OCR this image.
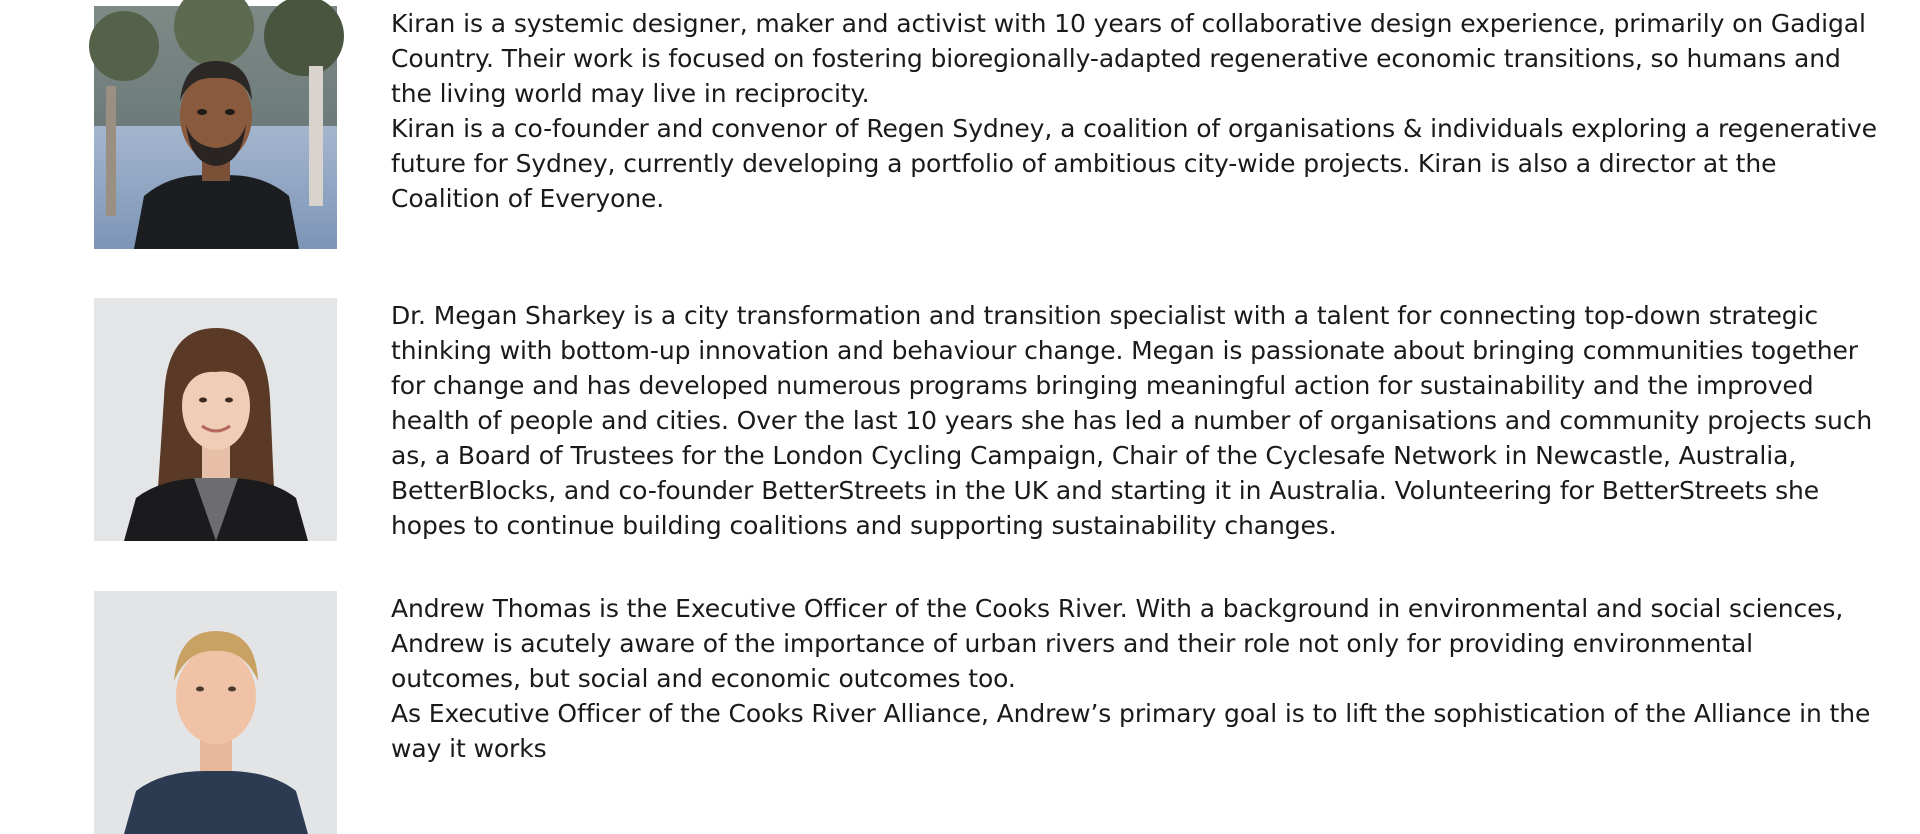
Kiran is a systemic designer, maker and activist with 10 years of collaborative design experience, primarily on Gadigal Country. Their work is focused on fostering bioregionally-adapted regenerative economic transitions, so humans and the living world may live in reciprocity.

Kiran is a co-founder and convenor of Regen Sydney, a coalition of organisations & individuals exploring a regenerative future for Sydney, currently developing a portfolio of ambitious city-wide projects. Kiran is also a director at the Coalition of Everyone.

Dr. Megan Sharkey is a city transformation and transition specialist with a talent for connecting top-down strategic thinking with bottom-up innovation and behaviour change. Megan is passionate about bringing communities together for change and has developed numerous programs bringing meaningful action for sustainability and the improved health of people and cities. Over the last 10 years she has led a number of organisations and community projects such as, a Board of Trustees for the London Cycling Campaign, Chair of the Cyclesafe Network in Newcastle, Australia, BetterBlocks, and co-founder BetterStreets in the UK and starting it in Australia. Volunteering for BetterStreets she hopes to continue building coalitions and supporting sustainability changes.

Andrew Thomas is the Executive Officer of the Cooks River. With a background in environmental and social sciences, Andrew is acutely aware of the importance of urban rivers and their role not only for providing environmental outcomes, but social and economic outcomes too.

As Executive Officer of the Cooks River Alliance, Andrew’s primary goal is to lift the sophistication of the Alliance in the way it works
